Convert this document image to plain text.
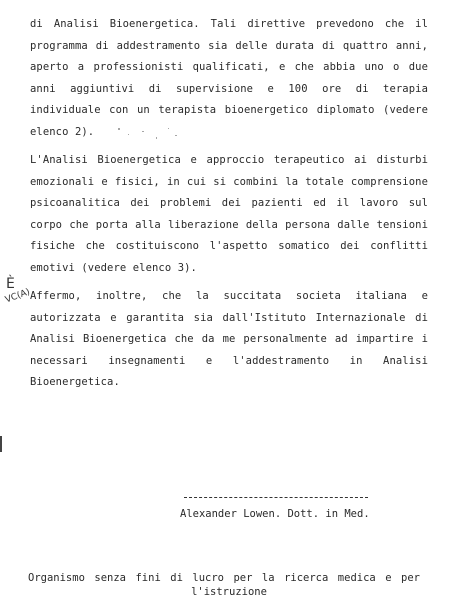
di Analisi Bioenergetica. Tali direttive prevedono che il
programma di addestramento sia delle durata di quattro anni,
aperto a professionisti qualificati, e che abbia uno o due
anni aggiuntivi di supervisione e 100 ore di terapia
individuale con un terapista bioenergetico diplomato (vedere
elenco 2).
L'Analisi Bioenergetica e approccio terapeutico ai disturbi
emozionali e fisici, in cui si combini la totale comprensione
psicoanalitica dei problemi dei pazienti ed il lavoro sul
corpo che porta alla liberazione della persona dalle tensioni
fisiche che costituiscono l'aspetto somatico dei conflitti
emotivi (vedere elenco 3).
È
VC(A)
Affermo, inoltre, che la succitata societa italiana e
autorizzata e garantita sia dall'Istituto Internazionale di
Analisi Bioenergetica che da me personalmente ad impartire i
necessari insegnamenti e l'addestramento in Analisi
Bioenergetica.
Alexander Lowen. Dott. in Med.
Organismo senza fini di lucro per la ricerca medica e per
l'istruzione
